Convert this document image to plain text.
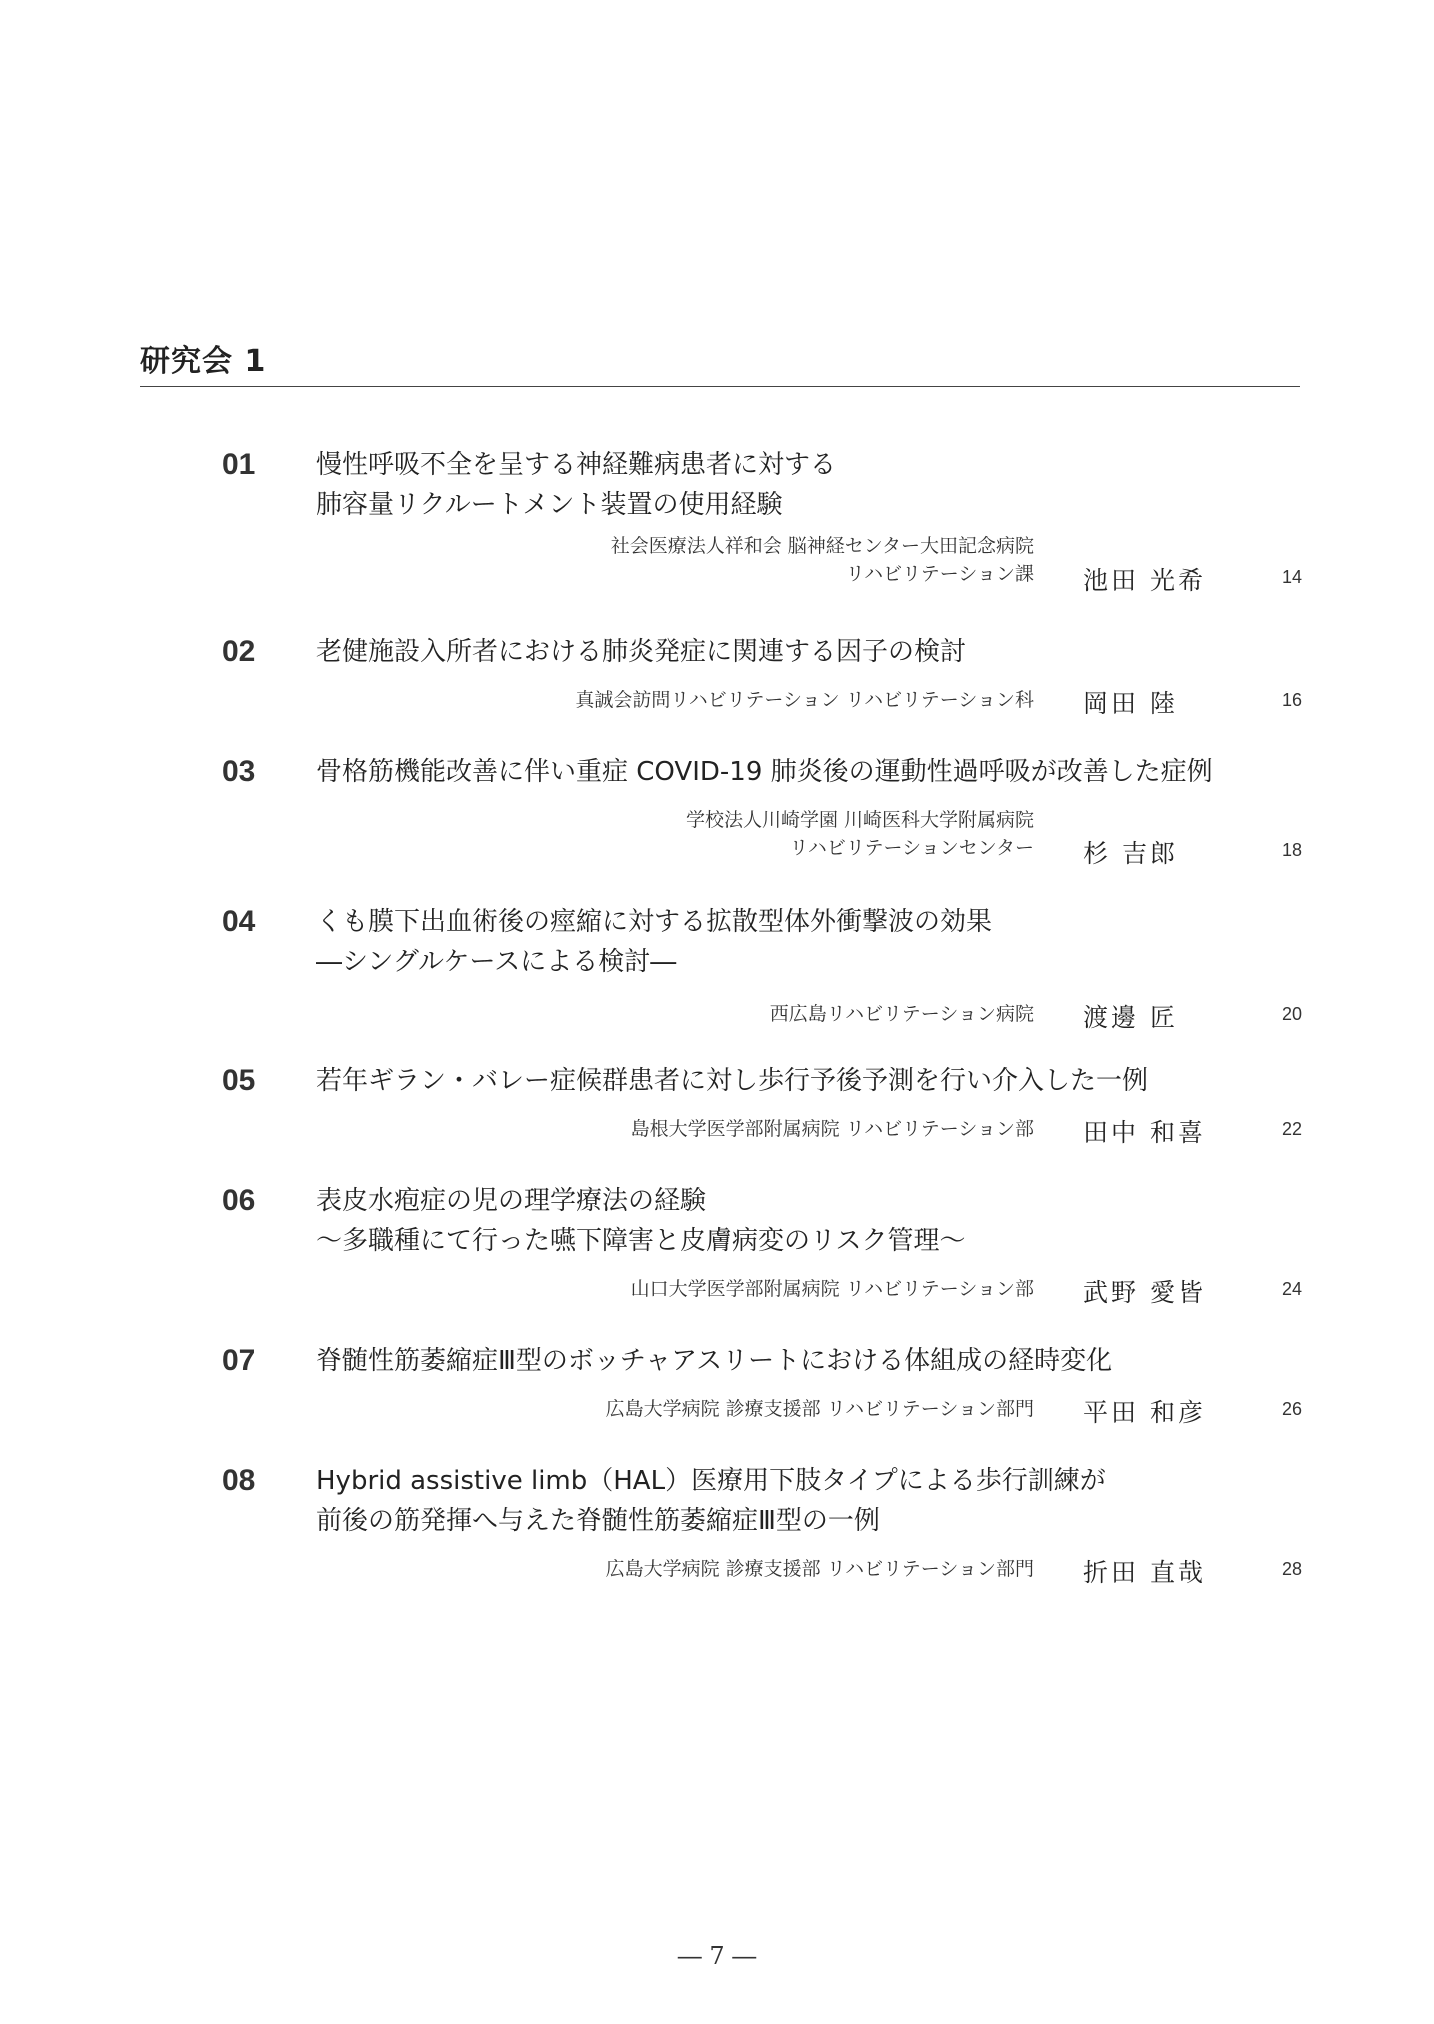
研究会 1
01 慢性呼吸不全を呈する神経難病患者に対する
肺容量リクルートメント装置の使用経験
社会医療法人祥和会 脳神経センター大田記念病院
リハビリテーション課 池田 光希	14
02 老健施設入所者における肺炎発症に関連する因子の検討
真誠会訪問リハビリテーション リハビリテーション科 岡田 陸	16
03 骨格筋機能改善に伴い重症 COVID-19 肺炎後の運動性過呼吸が改善した症例
学校法人川崎学園 川崎医科大学附属病院
リハビリテーションセンター 杉 吉郎	18
04 くも膜下出血術後の痙縮に対する拡散型体外衝撃波の効果
―シングルケースによる検討―
西広島リハビリテーション病院 渡邊 匠	20
05 若年ギラン・バレー症候群患者に対し歩行予後予測を行い介入した一例
島根大学医学部附属病院 リハビリテーション部 田中 和喜	22
06 表皮水疱症の児の理学療法の経験
～多職種にて行った嚥下障害と皮膚病変のリスク管理～
山口大学医学部附属病院 リハビリテーション部 武野 愛皆	24
07 脊髄性筋萎縮症Ⅲ型のボッチャアスリートにおける体組成の経時変化
広島大学病院 診療支援部 リハビリテーション部門 平田 和彦	26
08 Hybrid assistive limb（HAL）医療用下肢タイプによる歩行訓練が
前後の筋発揮へ与えた脊髄性筋萎縮症Ⅲ型の一例
広島大学病院 診療支援部 リハビリテーション部門 折田 直哉	28
― 7 ―
